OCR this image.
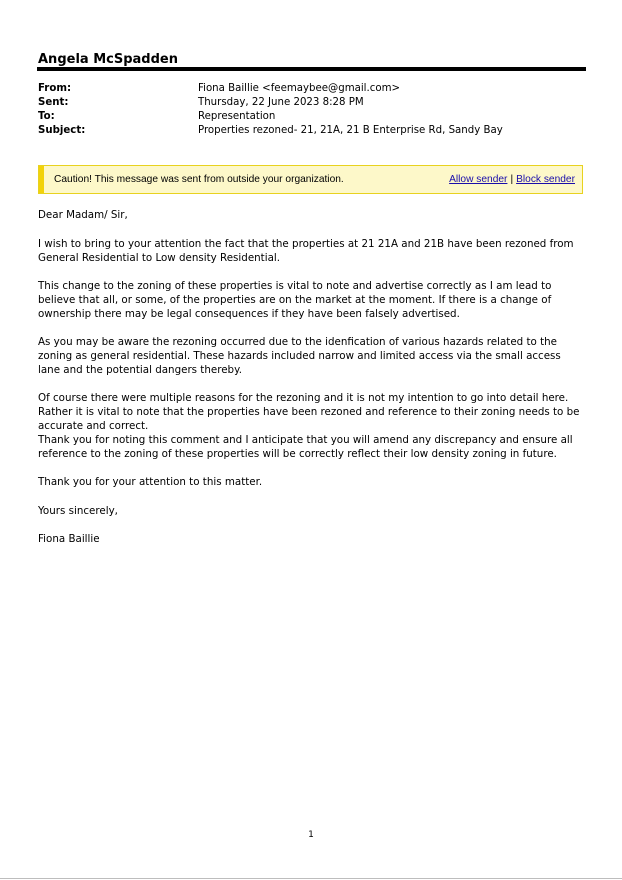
Angela McSpadden
From:	Fiona Baillie <feemaybee@gmail.com>
Sent:	Thursday, 22 June 2023 8:28 PM
To:	Representation
Subject:	Properties rezoned- 21, 21A, 21 B Enterprise Rd, Sandy Bay
Caution! This message was sent from outside your organization.	Allow sender | Block sender

Dear Madam/ Sir,

I wish to bring to your attention the fact that the properties at 21 21A and 21B have been rezoned from General Residential to Low density Residential.

This change to the zoning of these properties is vital to note and advertise correctly as I am lead to believe that all, or some, of the properties are on the market at the moment. If there is a change of ownership there may be legal consequences if they have been falsely advertised.

As you may be aware the rezoning occurred due to the idenfication of various hazards related to the zoning as general residential. These hazards included narrow and limited access via the small access lane and the potential dangers thereby.

Of course there were multiple reasons for the rezoning and it is not my intention to go into detail here. Rather it is vital to note that the properties have been rezoned and reference to their zoning needs to be accurate and correct.

Thank you for noting this comment and I anticipate that you will amend any discrepancy and ensure all reference to the zoning of these properties will be correctly reflect their low density zoning in future.

Thank you for your attention to this matter.

Yours sincerely,

Fiona Baillie

1
